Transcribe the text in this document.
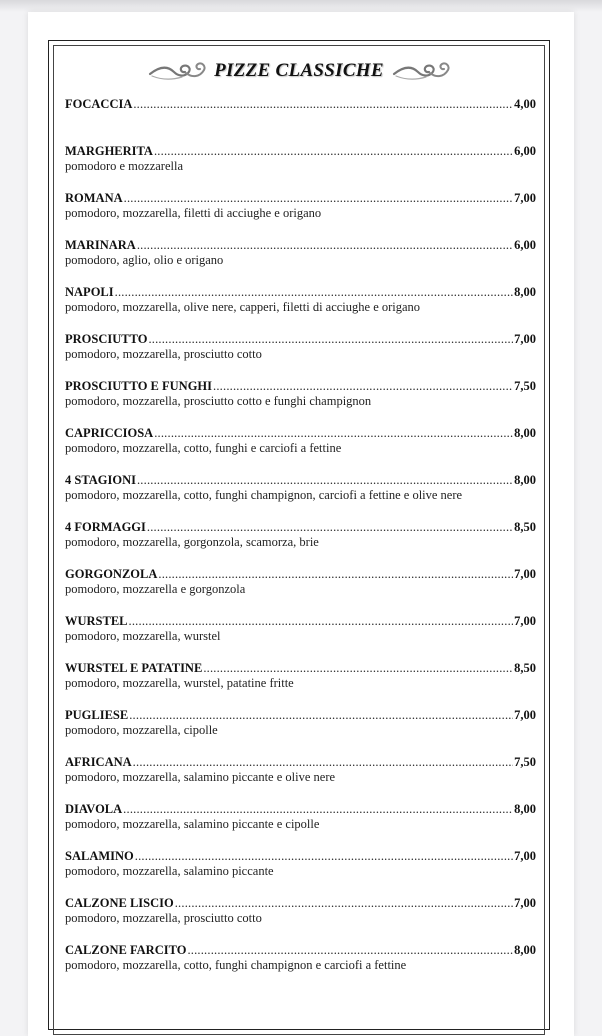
PIZZE CLASSICHE
FOCACCIA .....	4,00
MARGHERITA .....	6,00
pomodoro e mozzarella
ROMANA .....	7,00
pomodoro, mozzarella, filetti di acciughe e origano
MARINARA .....	6,00
pomodoro, aglio, olio e origano
NAPOLI .....	8,00
pomodoro, mozzarella, olive nere, capperi, filetti di acciughe e origano
PROSCIUTTO .....	7,00
pomodoro, mozzarella, prosciutto cotto
PROSCIUTTO E FUNGHI .....	7,50
pomodoro, mozzarella, prosciutto cotto e funghi champignon
CAPRICCIOSA .....	8,00
pomodoro, mozzarella, cotto, funghi e carciofi a fettine
4 STAGIONI .....	8,00
pomodoro, mozzarella, cotto, funghi champignon, carciofi a fettine e olive nere
4 FORMAGGI .....	8,50
pomodoro, mozzarella, gorgonzola, scamorza, brie
GORGONZOLA .....	7,00
pomodoro, mozzarella e gorgonzola
WURSTEL .....	7,00
pomodoro, mozzarella, wurstel
WURSTEL E PATATINE .....	8,50
pomodoro, mozzarella, wurstel, patatine fritte
PUGLIESE .....	7,00
pomodoro, mozzarella, cipolle
AFRICANA .....	7,50
pomodoro, mozzarella, salamino piccante e olive nere
DIAVOLA .....	8,00
pomodoro, mozzarella, salamino piccante e cipolle
SALAMINO .....	7,00
pomodoro, mozzarella, salamino piccante
CALZONE LISCIO .....	7,00
pomodoro, mozzarella, prosciutto cotto
CALZONE FARCITO .....	8,00
pomodoro, mozzarella, cotto, funghi champignon e carciofi a fettine
